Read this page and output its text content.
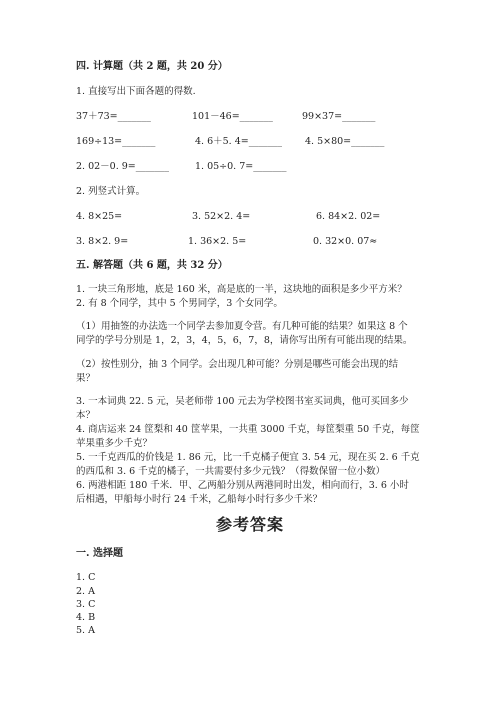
四. 计算题（共 2 题，共 20 分）
1. 直接写出下面各题的得数.
37＋73=_______	101－46=_______	99×37=_______
169÷13=_______	4. 6＋5. 4=_______ 4. 5×80=_______
2. 02－0. 9=_______	1. 05÷0. 7=_______
2. 列竖式计算。
4. 8×25=	3. 52×2. 4=	6. 84×2. 02=
3. 8×2. 9=	1. 36×2. 5=	0. 32×0. 07≈
五. 解答题（共 6 题，共 32 分）
1. 一块三角形地，底是 160 米，高是底的一半，这块地的面积是多少平方米？
2. 有 8 个同学，其中 5 个男同学，3 个女同学。
（1）用抽签的办法选一个同学去参加夏令营。有几种可能的结果？如果这 8 个
同学的学号分别是 1，2，3，4，5，6，7，8，请你写出所有可能出现的结果。
（2）按性别分，抽 3 个同学。会出现几种可能？分别是哪些可能会出现的结
果？
3. 一本词典 22. 5 元，吴老师带 100 元去为学校图书室买词典，他可买回多少
本？
4. 商店运来 24 筐梨和 40 筐苹果，一共重 3000 千克，每筐梨重 50 千克，每筐
苹果重多少千克？
5. 一千克西瓜的价钱是 1. 86 元，比一千克橘子便宜 3. 54 元，现在买 2. 6 千克
的西瓜和 3. 6 千克的橘子，一共需要付多少元钱？（得数保留一位小数）
6. 两港相距 180 千米．甲、乙两船分别从两港同时出发，相向而行，3. 6 小时
后相遇，甲船每小时行 24 千米，乙船每小时行多少千米？
参考答案
一. 选择题
1. C
2. A
3. C
4. B
5. A
